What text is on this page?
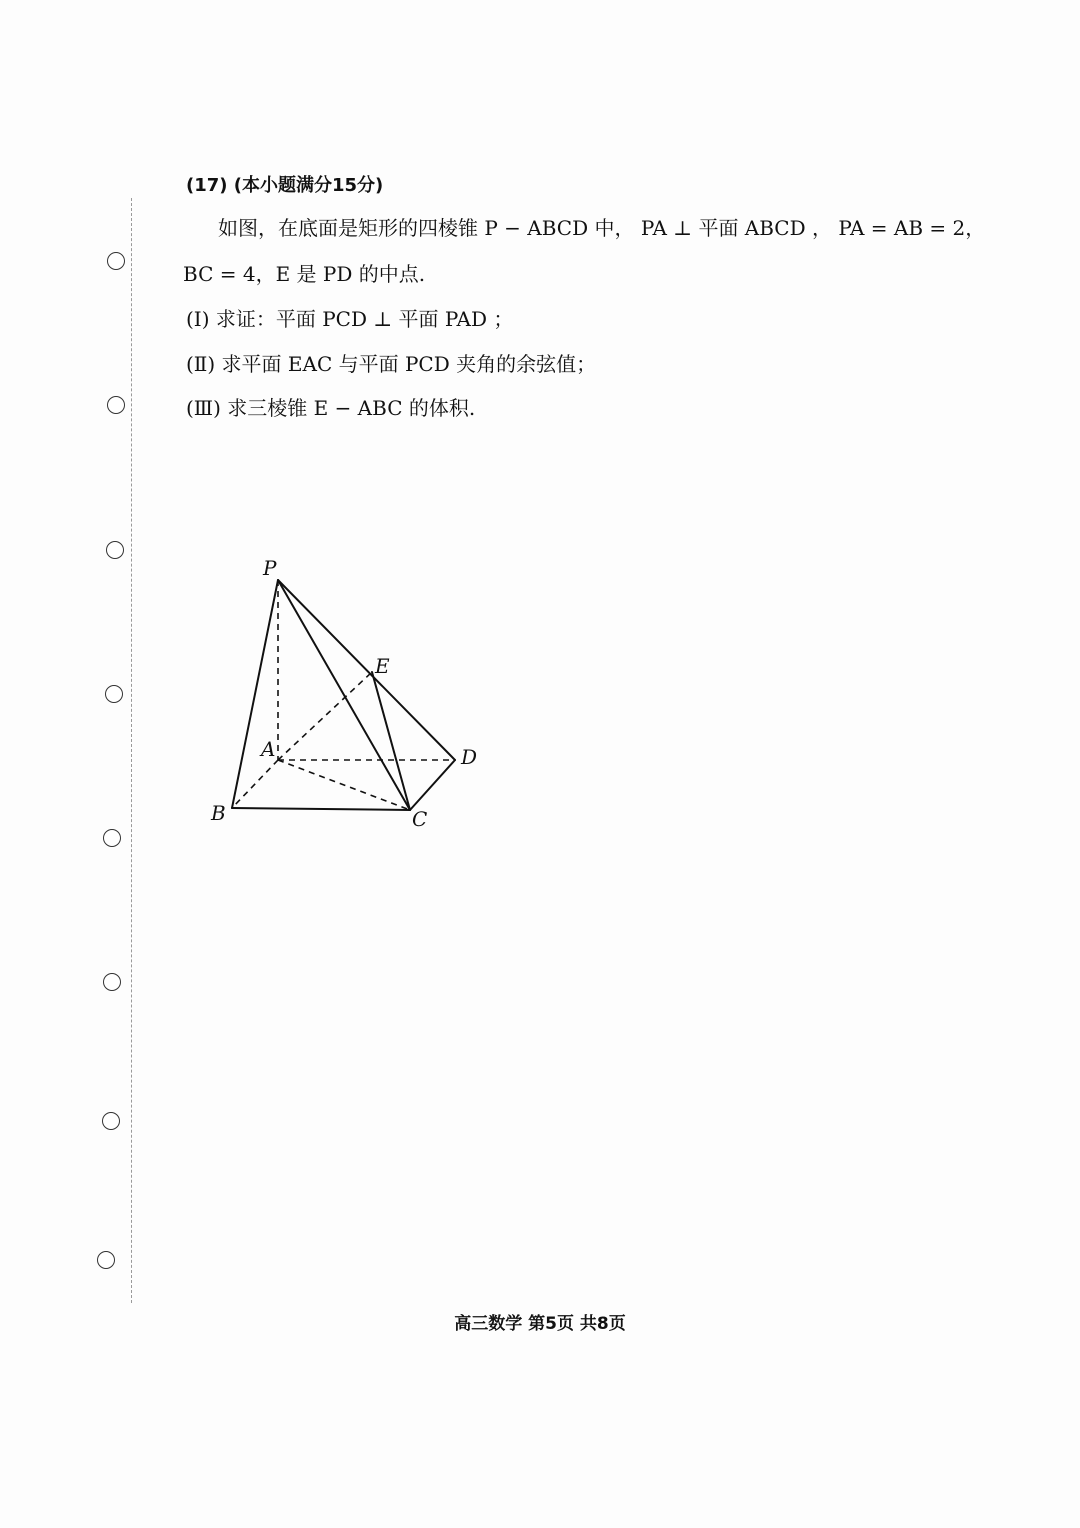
(17) (本小题满分15分)
如图，在底面是矩形的四棱锥 P − ABCD 中， PA ⊥ 平面 ABCD ， PA = AB = 2，
BC = 4，E 是 PD 的中点.
(Ⅰ) 求证：平面 PCD ⊥ 平面 PAD ；
(Ⅱ) 求平面 EAC 与平面 PCD 夹角的余弦值；
(Ⅲ) 求三棱锥 E − ABC 的体积.
P
E
A	D
B	C
高三数学 第5页 共8页
